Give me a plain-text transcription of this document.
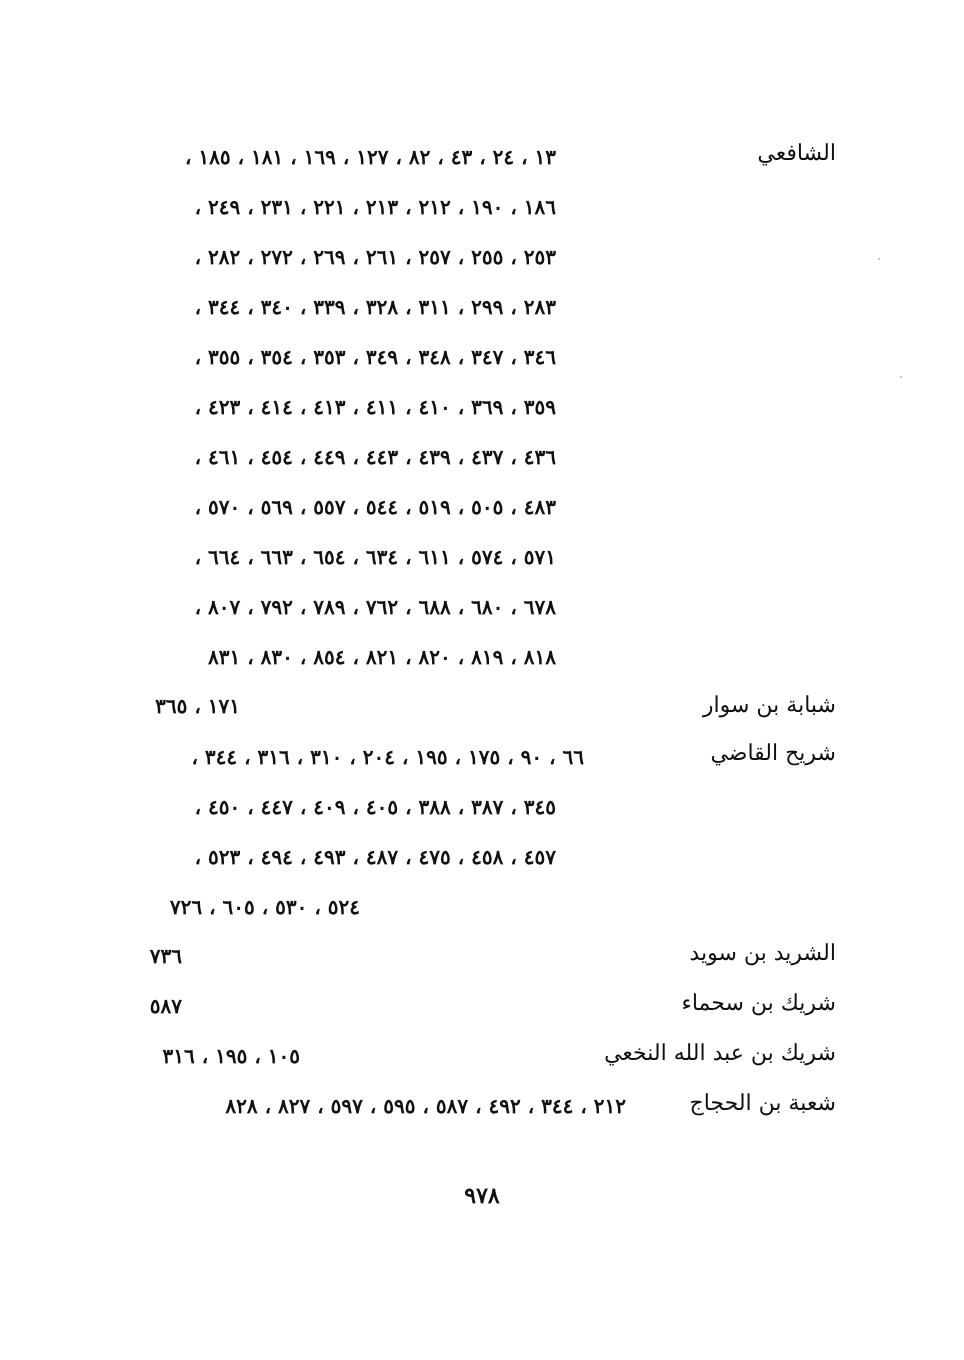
الشافعي
١٣ ، ٢٤ ، ٤٣ ، ٨٢ ، ١٢٧ ، ١٦٩ ، ١٨١ ، ١٨٥ ،
١٨٦ ، ١٩٠ ، ٢١٢ ، ٢١٣ ، ٢٢١ ، ٢٣١ ، ٢٤٩ ،
٢٥٣ ، ٢٥٥ ، ٢٥٧ ، ٢٦١ ، ٢٦٩ ، ٢٧٢ ، ٢٨٢ ،
٢٨٣ ، ٢٩٩ ، ٣١١ ، ٣٢٨ ، ٣٣٩ ، ٣٤٠ ، ٣٤٤ ،
٣٤٦ ، ٣٤٧ ، ٣٤٨ ، ٣٤٩ ، ٣٥٣ ، ٣٥٤ ، ٣٥٥ ،
٣٥٩ ، ٣٦٩ ، ٤١٠ ، ٤١١ ، ٤١٣ ، ٤١٤ ، ٤٢٣ ،
٤٣٦ ، ٤٣٧ ، ٤٣٩ ، ٤٤٣ ، ٤٤٩ ، ٤٥٤ ، ٤٦١ ،
٤٨٣ ، ٥٠٥ ، ٥١٩ ، ٥٤٤ ، ٥٥٧ ، ٥٦٩ ، ٥٧٠ ،
٥٧١ ، ٥٧٤ ، ٦١١ ، ٦٣٤ ، ٦٥٤ ، ٦٦٣ ، ٦٦٤ ،
٦٧٨ ، ٦٨٠ ، ٦٨٨ ، ٧٦٢ ، ٧٨٩ ، ٧٩٢ ، ٨٠٧ ،
٨١٨ ، ٨١٩ ، ٨٢٠ ، ٨٢١ ، ٨٥٤ ، ٨٣٠ ، ٨٣١
شبابة بن سوار
١٧١ ، ٣٦٥
شريح القاضي
٦٦ ، ٩٠ ، ١٧٥ ، ١٩٥ ، ٢٠٤ ، ٣١٠ ، ٣١٦ ، ٣٤٤ ،
٣٤٥ ، ٣٨٧ ، ٣٨٨ ، ٤٠٥ ، ٤٠٩ ، ٤٤٧ ، ٤٥٠ ،
٤٥٧ ، ٤٥٨ ، ٤٧٥ ، ٤٨٧ ، ٤٩٣ ، ٤٩٤ ، ٥٢٣ ،
٥٢٤ ، ٥٣٠ ، ٦٠٥ ، ٧٢٦
الشريد بن سويد
٧٣٦
شريك بن سحماء
٥٨٧
شريك بن عبد الله النخعي
١٠٥ ، ١٩٥ ، ٣١٦
شعبة بن الحجاج
٢١٢ ، ٣٤٤ ، ٤٩٢ ، ٥٨٧ ، ٥٩٥ ، ٥٩٧ ، ٨٢٧ ، ٨٢٨
٩٧٨
